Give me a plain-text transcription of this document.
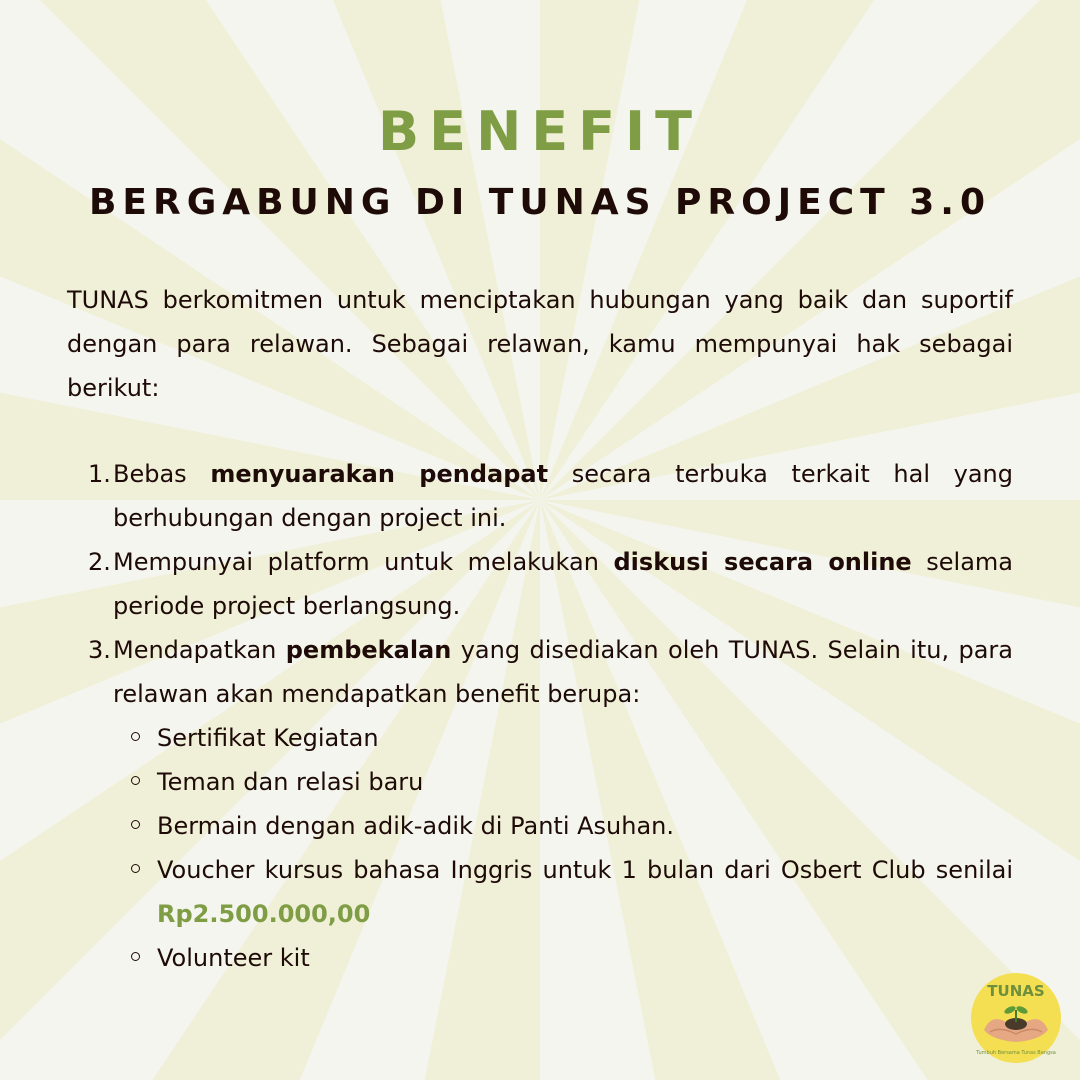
BENEFIT
BERGABUNG DI TUNAS PROJECT 3.0

TUNAS berkomitmen untuk menciptakan hubungan yang baik dan suportif dengan para relawan. Sebagai relawan, kamu mempunyai hak sebagai berikut:

1. Bebas menyuarakan pendapat secara terbuka terkait hal yang berhubungan dengan project ini.
2. Mempunyai platform untuk melakukan diskusi secara online selama periode project berlangsung.
3. Mendapatkan pembekalan yang disediakan oleh TUNAS. Selain itu, para relawan akan mendapatkan benefit berupa:
Sertifikat Kegiatan
Teman dan relasi baru
Bermain dengan adik-adik di Panti Asuhan.
Voucher kursus bahasa Inggris untuk 1 bulan dari Osbert Club senilai Rp2.500.000,00
Volunteer kit
TUNAS
Tumbuh Bersama Tunas Bangsa
